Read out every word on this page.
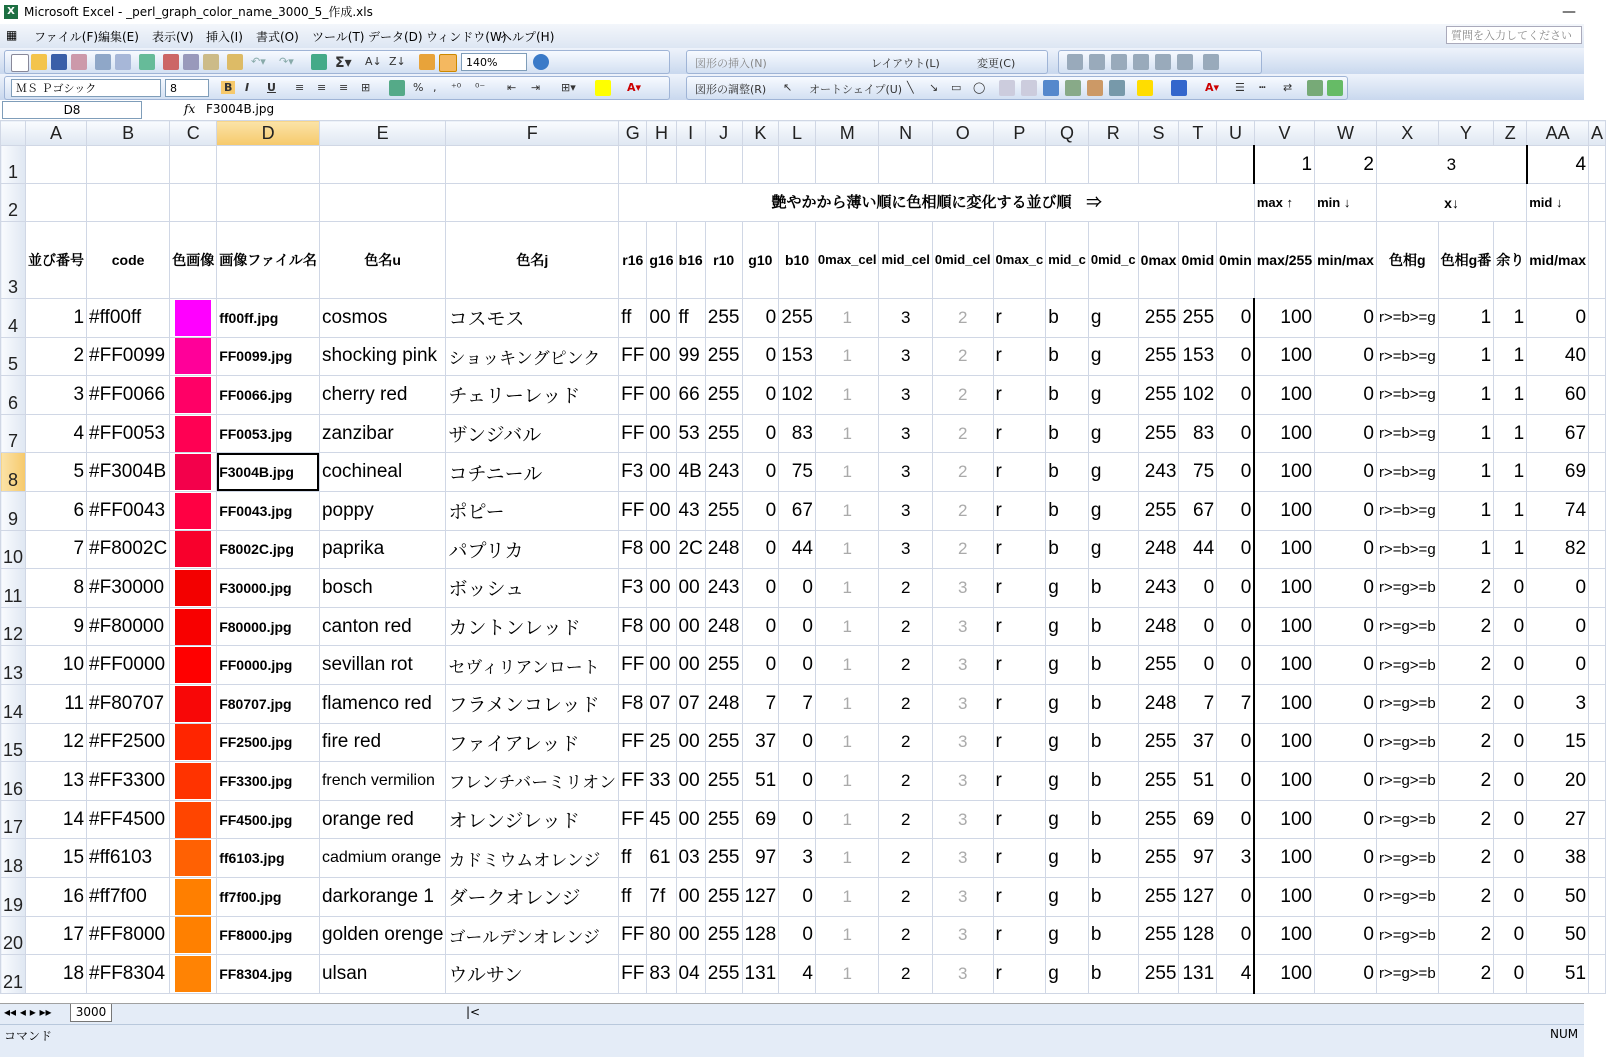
X Microsoft Excel - _perl_graph_color_name_3000_5_作成.xls	—
▦ ファイル(F) 編集(E) 表示(V) 挿入(I) 書式(O) ツール(T) データ(D) ウィンドウ(W)
ヘルプ(H)	質問を入力してください
↶▾ ↷▾	Σ▾ A↓ Z↓	140%	図形の挿入(N)	レイアウト(L)	変更(C)
ＭＳ Ｐゴシック	8	B I U ≡ ≡ ≡ ⊞	% , ⁺⁰ ⁰⁻ ⇤ ⇥ ⊞▾	A▾	図形の調整(R) ↖ オートシェイプ(U) ╲ ↘ ▭ ◯	A▾ ☰ ┅ ⇄
D8	fx F3004B.jpg
	A	B	C	D	E	F	G	H	I	J	K	L	M	N	O	P	Q	R	S	T	U	V	W	X	Y	Z	AA	A
1																						1	2	3			4	
2							艶やかから薄い順に色相順に変化する並び順　⇒															max ↑	min ↓	x↓			mid ↓	
3	並び番号	code	色画像	画像ファイル名	色名u	色名j	r16	g16	b16	r10	g10	b10	0max_cel	mid_cel	0mid_cel	0max_c	mid_c	0mid_c	0max	0mid	0min	max/255	min/max	色相g	色相g番	余り	mid/max	
4	1	#ff00ff		ff00ff.jpg	cosmos	コスモス	ff	00	ff	255	0	255	1	3	2	r	b	g	255	255	0	100	0	r>=b>=g	1	1	0	
5	2	#FF0099		FF0099.jpg	shocking pink	ショッキングピンク	FF	00	99	255	0	153	1	3	2	r	b	g	255	153	0	100	0	r>=b>=g	1	1	40	
6	3	#FF0066		FF0066.jpg	cherry red	チェリーレッド	FF	00	66	255	0	102	1	3	2	r	b	g	255	102	0	100	0	r>=b>=g	1	1	60	
7	4	#FF0053		FF0053.jpg	zanzibar	ザンジバル	FF	00	53	255	0	83	1	3	2	r	b	g	255	83	0	100	0	r>=b>=g	1	1	67	
8	5	#F3004B		F3004B.jpg	cochineal	コチニール	F3	00	4B	243	0	75	1	3	2	r	b	g	243	75	0	100	0	r>=b>=g	1	1	69	
9	6	#FF0043		FF0043.jpg	poppy	ポピー	FF	00	43	255	0	67	1	3	2	r	b	g	255	67	0	100	0	r>=b>=g	1	1	74	
10	7	#F8002C		F8002C.jpg	paprika	パプリカ	F8	00	2C	248	0	44	1	3	2	r	b	g	248	44	0	100	0	r>=b>=g	1	1	82	
11	8	#F30000		F30000.jpg	bosch	ボッシュ	F3	00	00	243	0	0	1	2	3	r	g	b	243	0	0	100	0	r>=g>=b	2	0	0	
12	9	#F80000		F80000.jpg	canton red	カントンレッド	F8	00	00	248	0	0	1	2	3	r	g	b	248	0	0	100	0	r>=g>=b	2	0	0	
13	10	#FF0000		FF0000.jpg	sevillan rot	セヴィリアンロート	FF	00	00	255	0	0	1	2	3	r	g	b	255	0	0	100	0	r>=g>=b	2	0	0	
14	11	#F80707		F80707.jpg	flamenco red	フラメンコレッド	F8	07	07	248	7	7	1	2	3	r	g	b	248	7	7	100	0	r>=g>=b	2	0	3	
15	12	#FF2500		FF2500.jpg	fire red	ファイアレッド	FF	25	00	255	37	0	1	2	3	r	g	b	255	37	0	100	0	r>=g>=b	2	0	15	
16	13	#FF3300		FF3300.jpg	french vermilion	フレンチバーミリオン	FF	33	00	255	51	0	1	2	3	r	g	b	255	51	0	100	0	r>=g>=b	2	0	20	
17	14	#FF4500		FF4500.jpg	orange red	オレンジレッド	FF	45	00	255	69	0	1	2	3	r	g	b	255	69	0	100	0	r>=g>=b	2	0	27	
18	15	#ff6103		ff6103.jpg	cadmium orange	カドミウムオレンジ	ff	61	03	255	97	3	1	2	3	r	g	b	255	97	3	100	0	r>=g>=b	2	0	38	
19	16	#ff7f00		ff7f00.jpg	darkorange 1	ダークオレンジ	ff	7f	00	255	127	0	1	2	3	r	g	b	255	127	0	100	0	r>=g>=b	2	0	50	
20	17	#FF8000		FF8000.jpg	golden orenge	ゴールデンオレンジ	FF	80	00	255	128	0	1	2	3	r	g	b	255	128	0	100	0	r>=g>=b	2	0	50	
21	18	#FF8304		FF8304.jpg	ulsan	ウルサン	FF	83	04	255	131	4	1	2	3	r	g	b	255	131	4	100	0	r>=g>=b	2	0	51	
◂◂ ◂ ▸ ▸▸	3000	|<
コマンド	NUM
